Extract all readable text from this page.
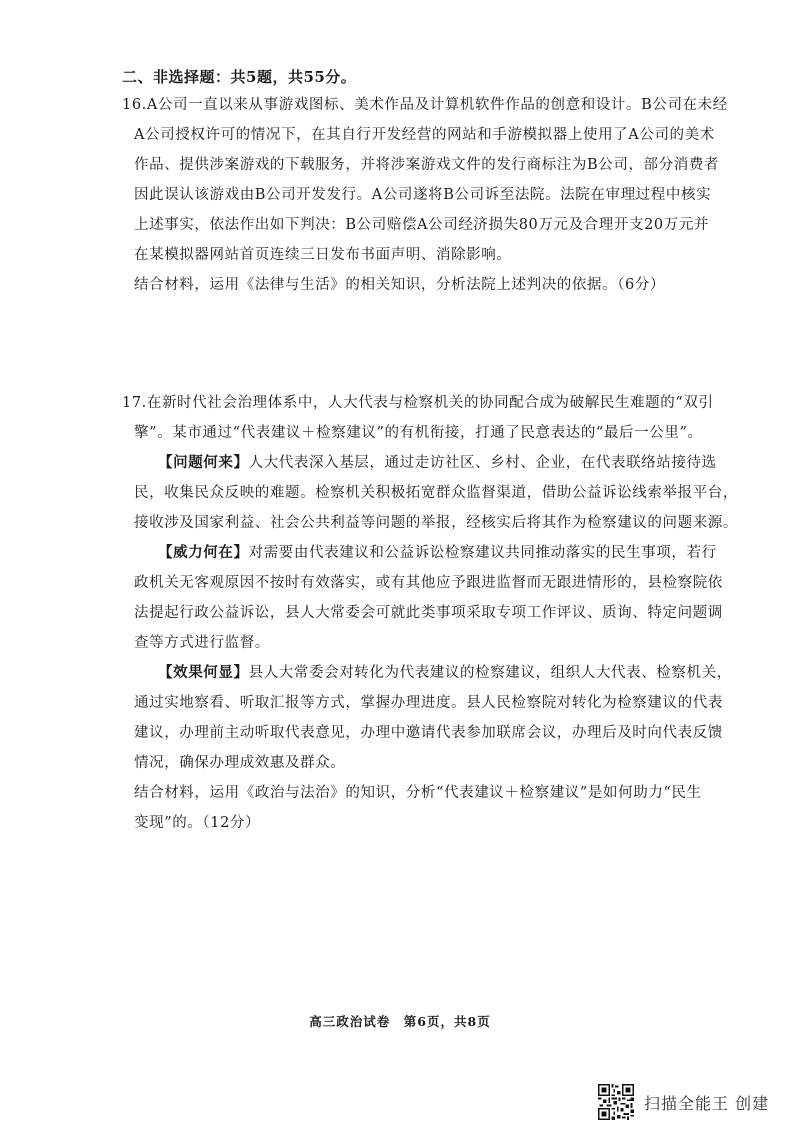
二、非选择题：共5题，共55分。
16.A公司一直以来从事游戏图标、美术作品及计算机软件作品的创意和设计。B公司在未经
A公司授权许可的情况下，在其自行开发经营的网站和手游模拟器上使用了A公司的美术
作品、提供涉案游戏的下载服务，并将涉案游戏文件的发行商标注为B公司，部分消费者
因此误认该游戏由B公司开发发行。A公司遂将B公司诉至法院。法院在审理过程中核实
上述事实，依法作出如下判决：B公司赔偿A公司经济损失80万元及合理开支20万元并
在某模拟器网站首页连续三日发布书面声明、消除影响。
结合材料，运用《法律与生活》的相关知识，分析法院上述判决的依据。（6分）
17.在新时代社会治理体系中，人大代表与检察机关的协同配合成为破解民生难题的“双引
擎”。某市通过“代表建议＋检察建议”的有机衔接，打通了民意表达的“最后一公里”。
【问题何来】人大代表深入基层，通过走访社区、乡村、企业，在代表联络站接待选
民，收集民众反映的难题。检察机关积极拓宽群众监督渠道，借助公益诉讼线索举报平台，
接收涉及国家利益、社会公共利益等问题的举报，经核实后将其作为检察建议的问题来源。
【威力何在】对需要由代表建议和公益诉讼检察建议共同推动落实的民生事项，若行
政机关无客观原因不按时有效落实，或有其他应予跟进监督而无跟进情形的，县检察院依
法提起行政公益诉讼，县人大常委会可就此类事项采取专项工作评议、质询、特定问题调
查等方式进行监督。
【效果何显】县人大常委会对转化为代表建议的检察建议，组织人大代表、检察机关，
通过实地察看、听取汇报等方式，掌握办理进度。县人民检察院对转化为检察建议的代表
建议，办理前主动听取代表意见，办理中邀请代表参加联席会议，办理后及时向代表反馈
情况，确保办理成效惠及群众。
结合材料，运用《政治与法治》的知识，分析“代表建议＋检察建议”是如何助力“民生
变现”的。（12分）
高三政治试卷　第6页，共8页
扫描全能王 创建
